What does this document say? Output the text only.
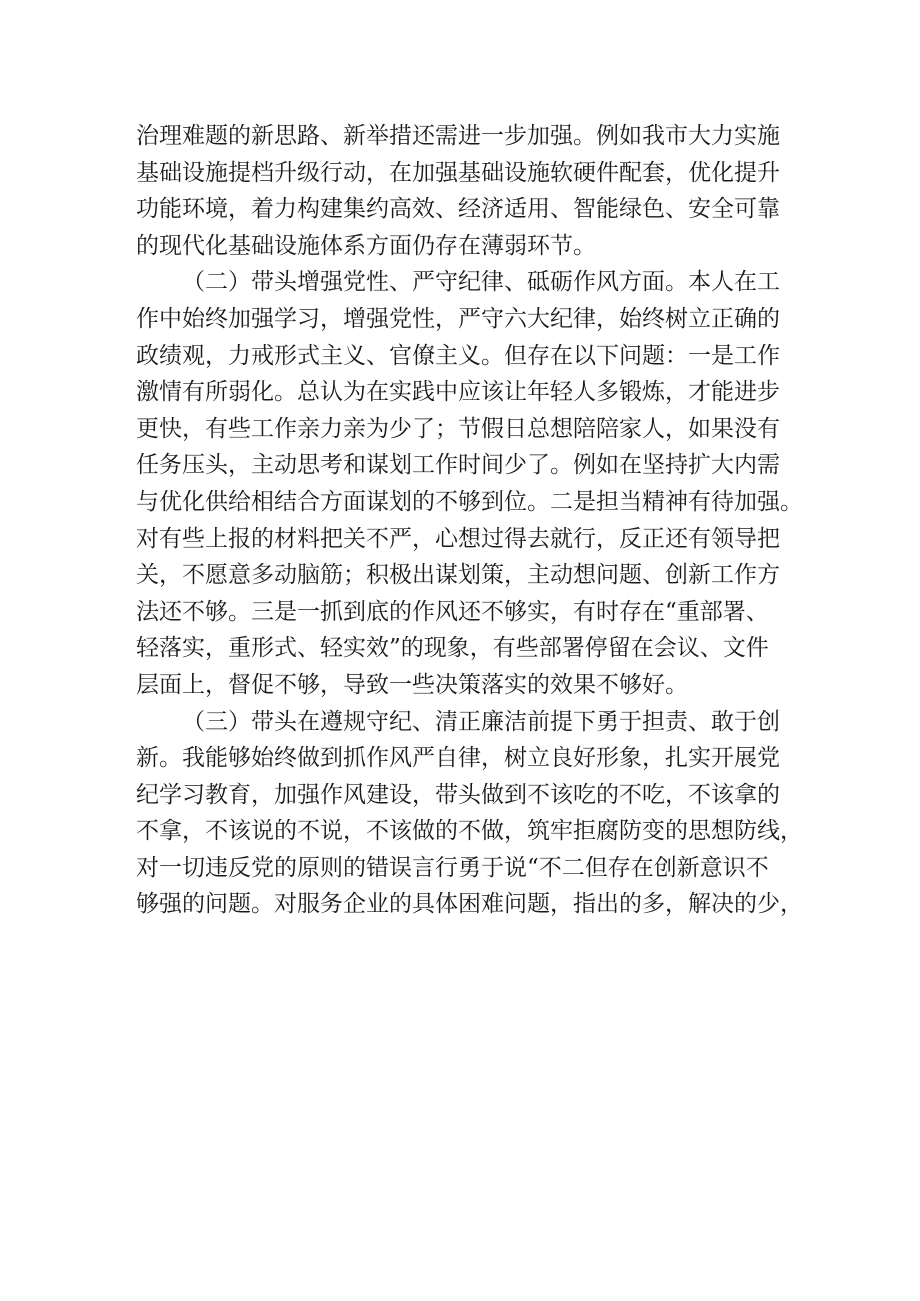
治理难题的新思路、新举措还需进一步加强。例如我市大力实施
基础设施提档升级行动，在加强基础设施软硬件配套，优化提升
功能环境，着力构建集约高效、经济适用、智能绿色、安全可靠
的现代化基础设施体系方面仍存在薄弱环节。
（二）带头增强党性、严守纪律、砥砺作风方面。本人在工
作中始终加强学习，增强党性，严守六大纪律，始终树立正确的
政绩观，力戒形式主义、官僚主义。但存在以下问题：一是工作
激情有所弱化。总认为在实践中应该让年轻人多锻炼，才能进步
更快，有些工作亲力亲为少了；节假日总想陪陪家人，如果没有
任务压头，主动思考和谋划工作时间少了。例如在坚持扩大内需
与优化供给相结合方面谋划的不够到位。二是担当精神有待加强。
对有些上报的材料把关不严，心想过得去就行，反正还有领导把
关，不愿意多动脑筋；积极出谋划策，主动想问题、创新工作方
法还不够。三是一抓到底的作风还不够实，有时存在“重部署、
轻落实，重形式、轻实效”的现象，有些部署停留在会议、文件
层面上，督促不够，导致一些决策落实的效果不够好。
（三）带头在遵规守纪、清正廉洁前提下勇于担责、敢于创
新。我能够始终做到抓作风严自律，树立良好形象，扎实开展党
纪学习教育，加强作风建设，带头做到不该吃的不吃，不该拿的
不拿，不该说的不说，不该做的不做，筑牢拒腐防变的思想防线，
对一切违反党的原则的错误言行勇于说“不二但存在创新意识不
够强的问题。对服务企业的具体困难问题，指出的多，解决的少，
